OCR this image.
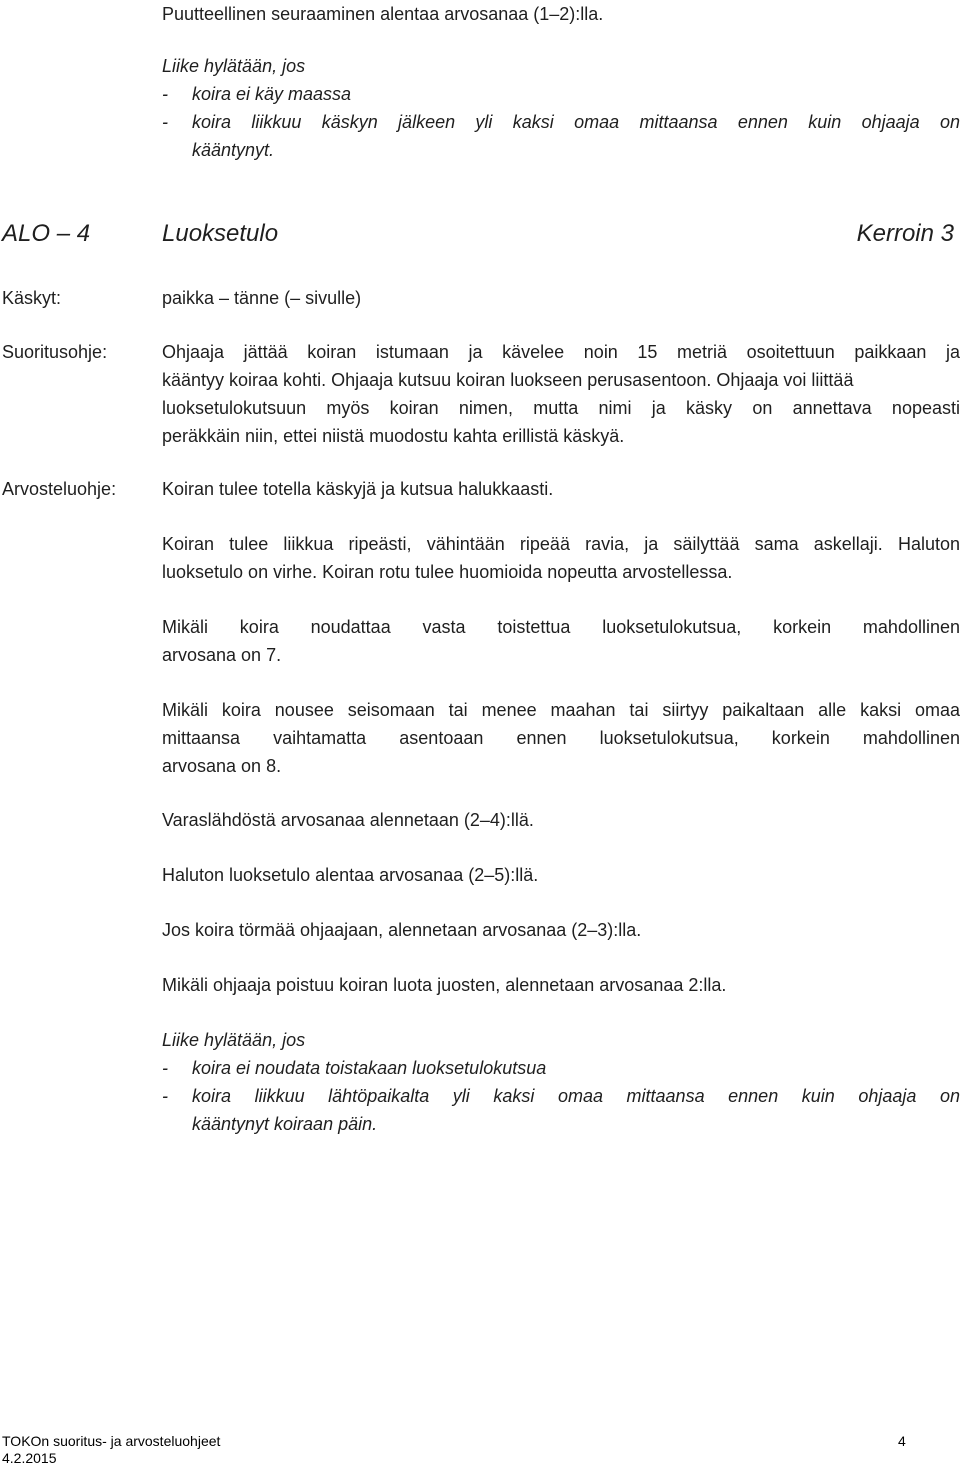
Puutteellinen seuraaminen alentaa arvosanaa (1–2):lla.
Liike hylätään, jos
- koira ei käy maassa
- koira liikkuu käskyn jälkeen yli kaksi omaa mittaansa ennen kuin ohjaaja on
kääntynyt.
ALO – 4	Luoksetulo	Kerroin 3
Käskyt:	paikka – tänne (– sivulle)
Suoritusohje:	Ohjaaja jättää koiran istumaan ja kävelee noin 15 metriä osoitettuun paikkaan ja
kääntyy koiraa kohti. Ohjaaja kutsuu koiran luokseen perusasentoon. Ohjaaja voi liittää
luoksetulokutsuun myös koiran nimen, mutta nimi ja käsky on annettava nopeasti
peräkkäin niin, ettei niistä muodostu kahta erillistä käskyä.
Arvosteluohje:	Koiran tulee totella käskyjä ja kutsua halukkaasti.
Koiran tulee liikkua ripeästi, vähintään ripeää ravia, ja säilyttää sama askellaji. Haluton
luoksetulo on virhe. Koiran rotu tulee huomioida nopeutta arvostellessa.
Mikäli koira noudattaa vasta toistettua luoksetulokutsua, korkein mahdollinen
arvosana on 7.
Mikäli koira nousee seisomaan tai menee maahan tai siirtyy paikaltaan alle kaksi omaa
mittaansa vaihtamatta asentoaan ennen luoksetulokutsua, korkein mahdollinen
arvosana on 8.
Varaslähdöstä arvosanaa alennetaan (2–4):llä.
Haluton luoksetulo alentaa arvosanaa (2–5):llä.
Jos koira törmää ohjaajaan, alennetaan arvosanaa (2–3):lla.
Mikäli ohjaaja poistuu koiran luota juosten, alennetaan arvosanaa 2:lla.
Liike hylätään, jos
- koira ei noudata toistakaan luoksetulokutsua
- koira liikkuu lähtöpaikalta yli kaksi omaa mittaansa ennen kuin ohjaaja on
kääntynyt koiraan päin.
TOKOn suoritus- ja arvosteluohjeet	4
4.2.2015
